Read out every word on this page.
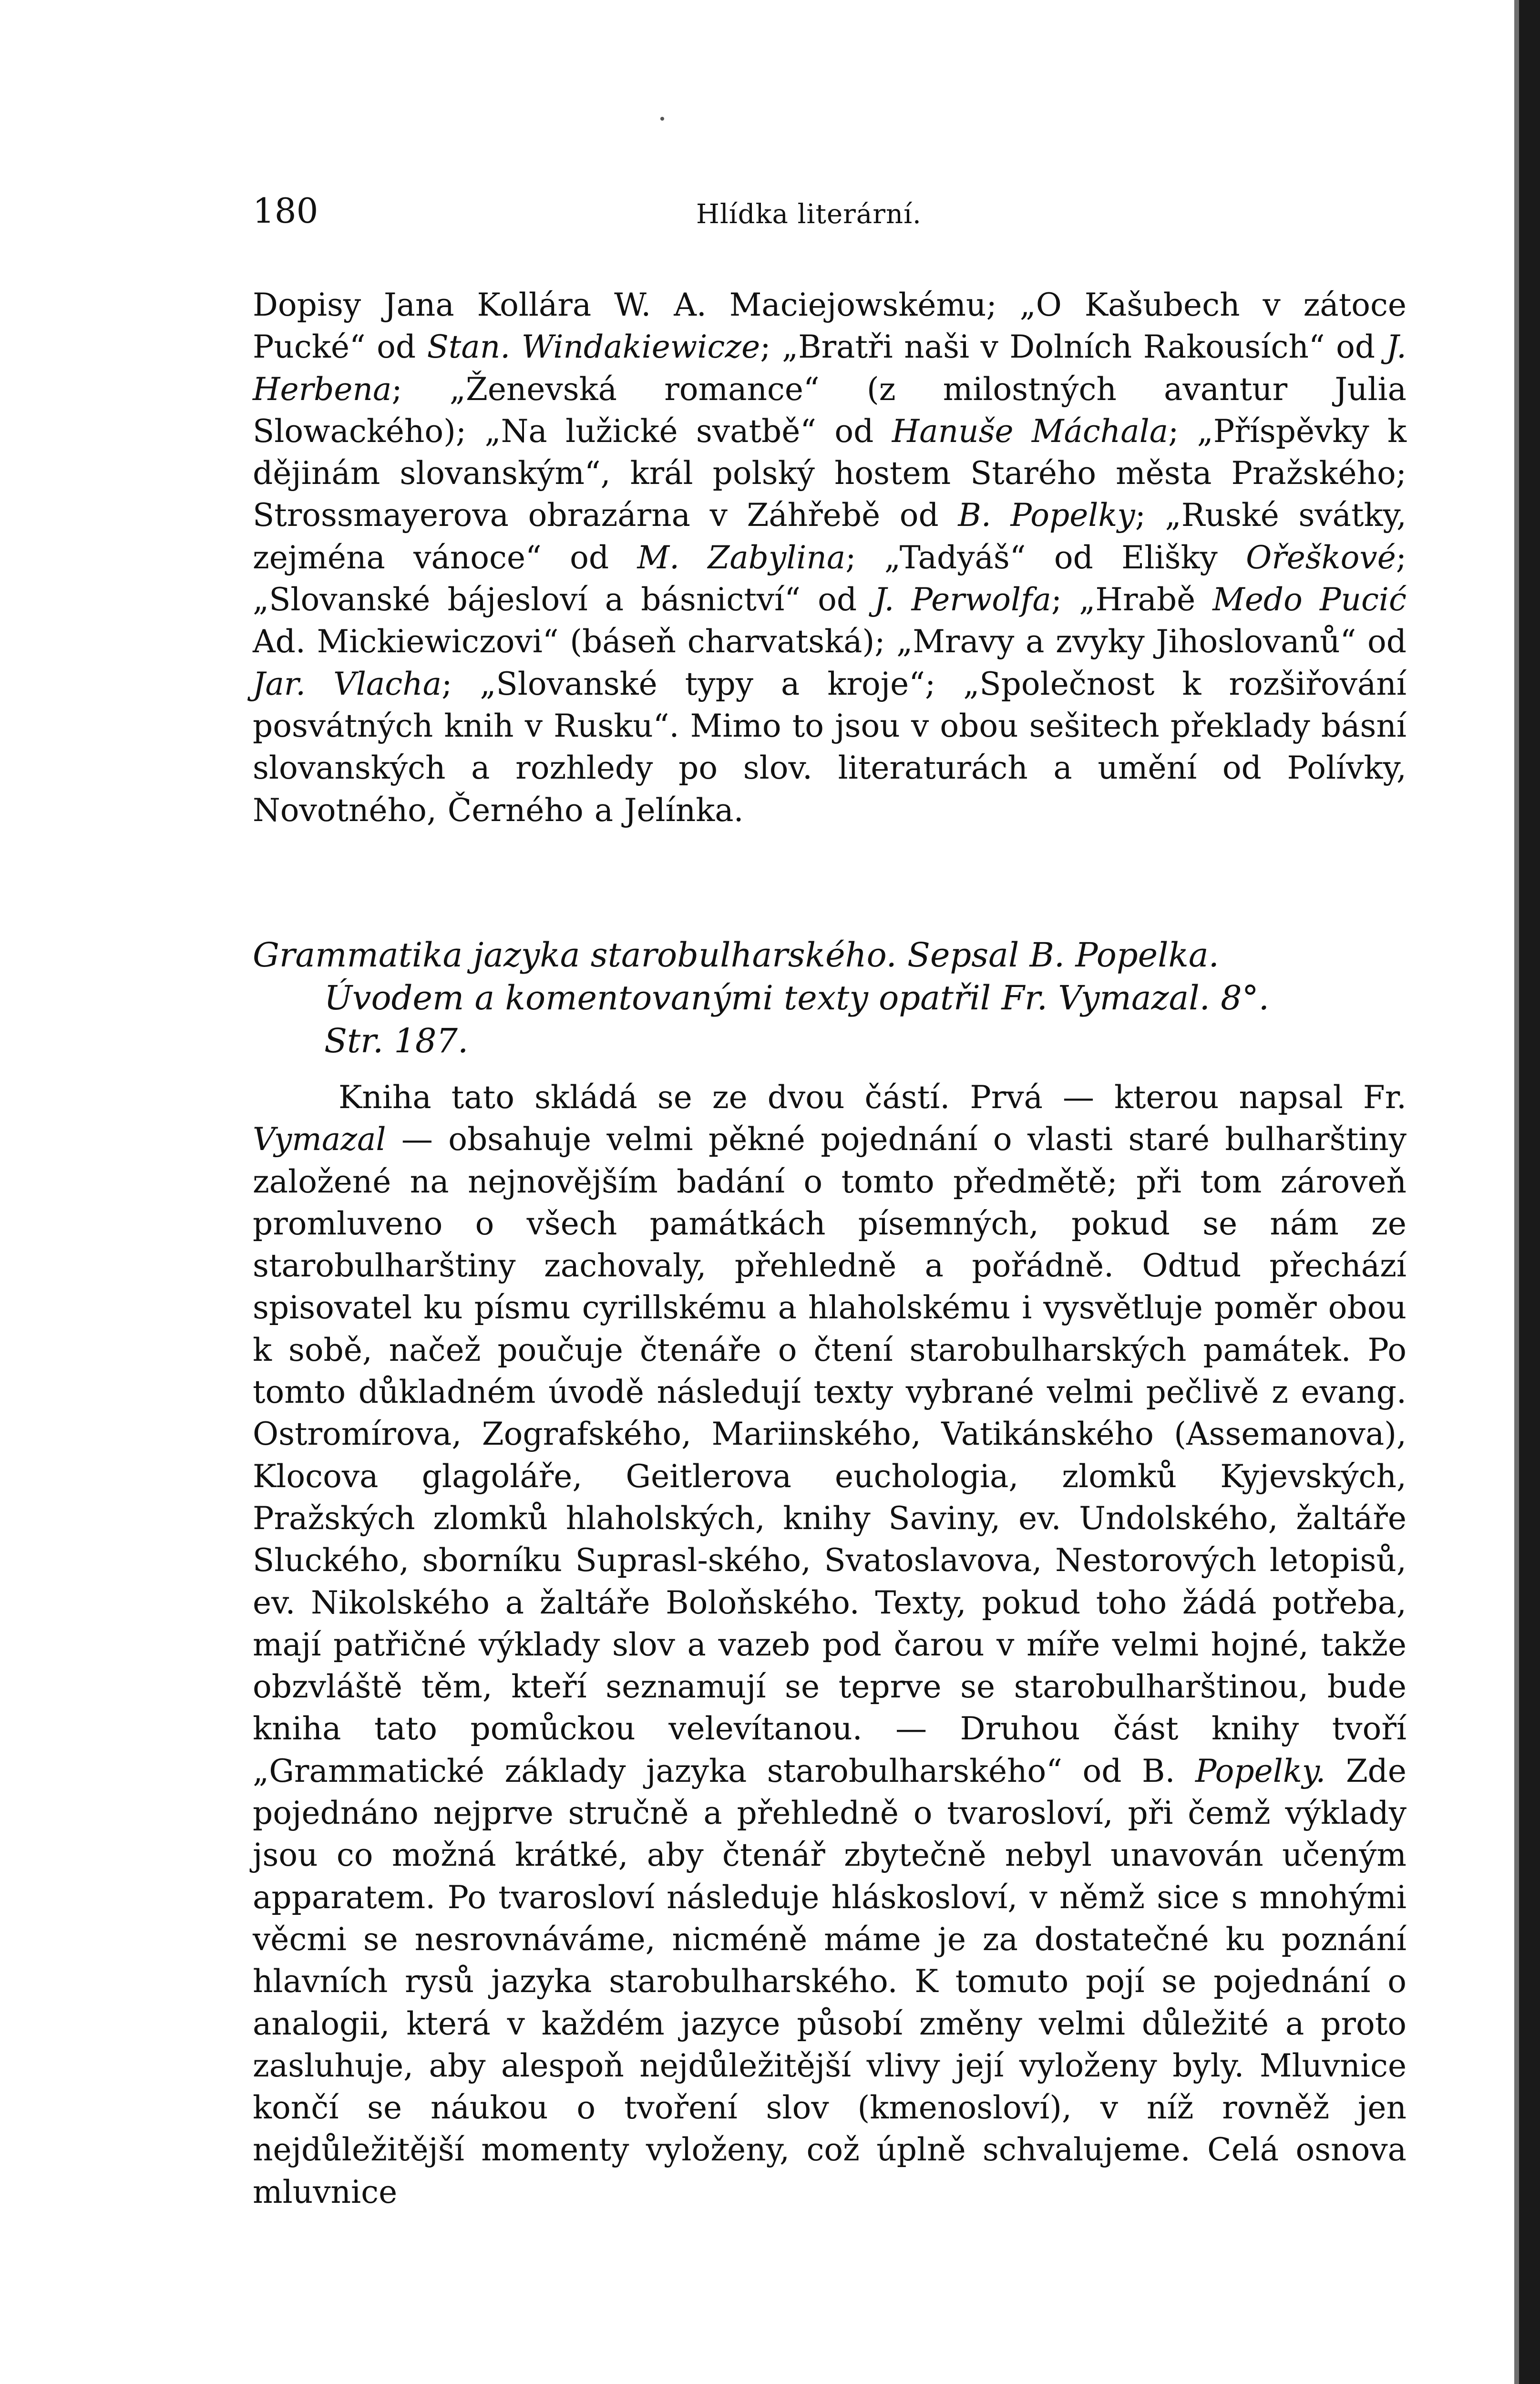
180	Hlídka literární.

Dopisy Jana Kollára W. A. Maciejowskému; „O Kašubech v zátoce Pucké“ od Stan. Windakiewicze; „Bratři naši v Dolních Rakousích“ od J. Herbena; „Ženevská romance“ (z milostných avantur Julia Slowackého); „Na lužické svatbě“ od Hanuše Máchala; „Příspěvky k dějinám slovanským“, král polský hostem Starého města Pražského; Strossmayerova obrazárna v Záhřebě od B. Popelky; „Ruské svátky, zejména vánoce“ od M. Zabylina; „Tadyáš“ od Elišky Ořeškové; „Slovanské bájesloví a básnictví“ od J. Perwolfa; „Hrabě Medo Pucić Ad. Mickiewiczovi“ (báseň charvatská); „Mravy a zvyky Jihoslovanů“ od Jar. Vlacha; „Slovanské typy a kroje“; „Společnost k rozšiřování posvátných knih v Rusku“. Mimo to jsou v obou sešitech překlady básní slovanských a rozhledy po slov. literaturách a umění od Polívky, Novotného, Černého a Jelínka.

Grammatika jazyka starobulharského. Sepsal B. Popelka.
Úvodem a komentovanými texty opatřil Fr. Vymazal. 8°.
Str. 187.

Kniha tato skládá se ze dvou částí. Prvá — kterou napsal Fr. Vymazal — obsahuje velmi pěkné pojednání o vlasti staré bulharštiny založené na nejnovějším badání o tomto předmětě; při tom zároveň promluveno o všech památkách písemných, pokud se nám ze starobulharštiny zachovaly, přehledně a pořádně. Odtud přechází spisovatel ku písmu cyrillskému a hlaholskému i vysvětluje poměr obou k sobě, načež poučuje čtenáře o čtení starobulharských památek. Po tomto důkladném úvodě následují texty vybrané velmi pečlivě z evang. Ostromírova, Zografského, Mariinského, Vatikánského (Assemanova), Klocova glagoláře, Geitlerova euchologia, zlomků Kyjevských, Pražských zlomků hlaholských, knihy Saviny, ev. Undolského, žaltáře Sluckého, sborníku Suprasl-ského, Svatoslavova, Nestorových letopisů, ev. Nikolského a žaltáře Boloňského. Texty, pokud toho žádá potřeba, mají patřičné výklady slov a vazeb pod čarou v míře velmi hojné, takže obzvláště těm, kteří seznamují se teprve se starobulharštinou, bude kniha tato pomůckou velevítanou. — Druhou část knihy tvoří „Grammatické základy jazyka starobulharského“ od B. Popelky. Zde pojednáno nejprve stručně a přehledně o tvarosloví, při čemž výklady jsou co možná krátké, aby čtenář zbytečně nebyl unavován učeným apparatem. Po tvarosloví následuje hláskosloví, v němž sice s mnohými věcmi se nesrovnáváme, nicméně máme je za dostatečné ku poznání hlavních rysů jazyka starobulharského. K tomuto pojí se pojednání o analogii, která v každém jazyce působí změny velmi důležité a proto zasluhuje, aby alespoň nejdůležitější vlivy její vyloženy byly. Mluvnice končí se náukou o tvoření slov (kmenosloví), v níž rovněž jen nejdůležitější momenty vyloženy, což úplně schvalujeme. Celá osnova mluvnice
